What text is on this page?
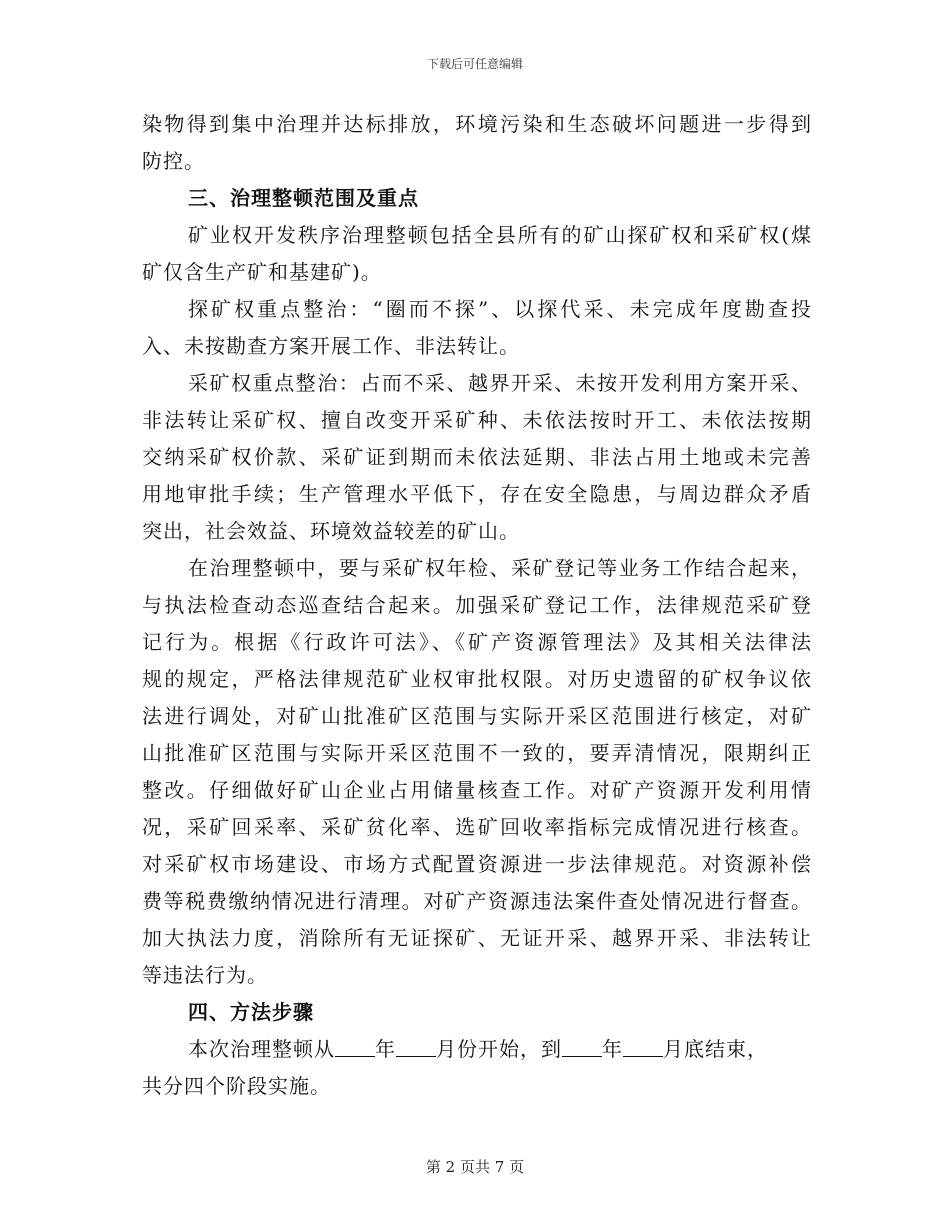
下载后可任意编辑
染物得到集中治理并达标排放，环境污染和生态破坏问题进一步得到
防控。
三、治理整顿范围及重点
矿业权开发秩序治理整顿包括全县所有的矿山探矿权和采矿权(煤
矿仅含生产矿和基建矿)。
探矿权重点整治：“圈而不探”、以探代采、未完成年度勘查投
入、未按勘查方案开展工作、非法转让。
采矿权重点整治：占而不采、越界开采、未按开发利用方案开采、
非法转让采矿权、擅自改变开采矿种、未依法按时开工、未依法按期
交纳采矿权价款、采矿证到期而未依法延期、非法占用土地或未完善
用地审批手续；生产管理水平低下，存在安全隐患，与周边群众矛盾
突出，社会效益、环境效益较差的矿山。
在治理整顿中，要与采矿权年检、采矿登记等业务工作结合起来，
与执法检查动态巡查结合起来。加强采矿登记工作，法律规范采矿登
记行为。根据《行政许可法》、《矿产资源管理法》及其相关法律法
规的规定，严格法律规范矿业权审批权限。对历史遗留的矿权争议依
法进行调处，对矿山批准矿区范围与实际开采区范围进行核定，对矿
山批准矿区范围与实际开采区范围不一致的，要弄清情况，限期纠正
整改。仔细做好矿山企业占用储量核查工作。对矿产资源开发利用情
况，采矿回采率、采矿贫化率、选矿回收率指标完成情况进行核查。
对采矿权市场建设、市场方式配置资源进一步法律规范。对资源补偿
费等税费缴纳情况进行清理。对矿产资源违法案件查处情况进行督查。
加大执法力度，消除所有无证探矿、无证开采、越界开采、非法转让
等违法行为。
四、方法步骤
本次治理整顿从 年 月份开始，到 年 月底结束，
共分四个阶段实施。
第 2 页共 7 页
